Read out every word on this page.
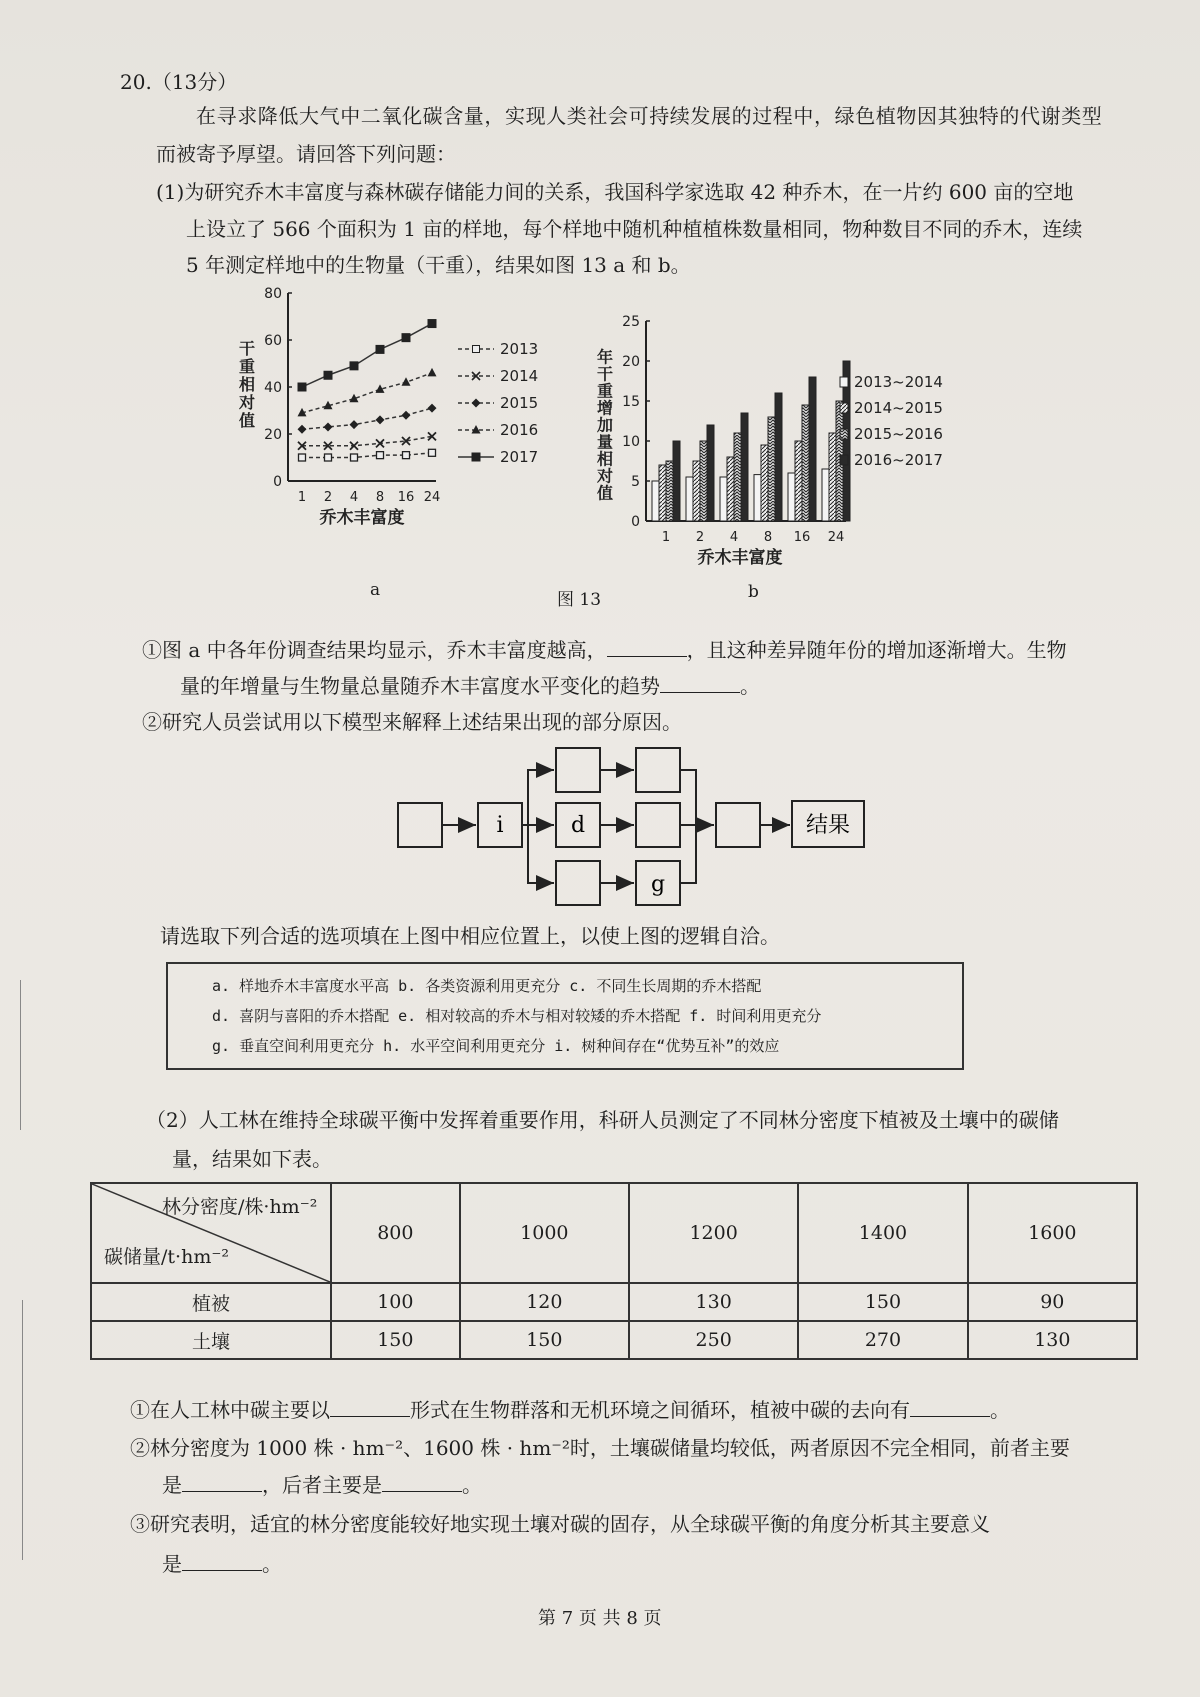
20.（13分）
在寻求降低大气中二氧化碳含量，实现人类社会可持续发展的过程中，绿色植物因其独特的代谢类型
而被寄予厚望。请回答下列问题：
(1)为研究乔木丰富度与森林碳存储能力间的关系，我国科学家选取 42 种乔木，在一片约 600 亩的空地
上设立了 566 个面积为 1 亩的样地，每个样地中随机种植植株数量相同，物种数目不同的乔木，连续
5 年测定样地中的生物量（干重），结果如图 13 a 和 b。
0
20
40
60
80
1 2 4 8 16 24
乔木丰富度
干重相对值	2013
2014
2015
2016
2017
0
5
10
15
20
25
1 2 4 8 16 24
乔木丰富度
年干重增加量相对值	2013~2014
2014~2015
2015~2016
2016~2017
a	图 13	b
①图 a 中各年份调查结果均显示，乔木丰富度越高，	，且这种差异随年份的增加逐渐增大。生物
量的年增量与生物量总量随乔木丰富度水平变化的趋势	。
②研究人员尝试用以下模型来解释上述结果出现的部分原因。
i	d
g
结果
请选取下列合适的选项填在上图中相应位置上，以使上图的逻辑自洽。
a. 样地乔木丰富度水平高 b. 各类资源利用更充分 c. 不同生长周期的乔木搭配
d. 喜阴与喜阳的乔木搭配 e. 相对较高的乔木与相对较矮的乔木搭配 f. 时间利用更充分
g. 垂直空间利用更充分 h. 水平空间利用更充分 i. 树种间存在“优势互补”的效应
（2）人工林在维持全球碳平衡中发挥着重要作用，科研人员测定了不同林分密度下植被及土壤中的碳储
量，结果如下表。
林分密度/株·hm⁻²
碳储量/t·hm⁻²	800	1000	1200	1400	1600
植被	100	120	130	150	90
土壤	150	150	250	270	130
①在人工林中碳主要以	形式在生物群落和无机环境之间循环，植被中碳的去向有	。
②林分密度为 1000 株 · hm⁻²、1600 株 · hm⁻²时，土壤碳储量均较低，两者原因不完全相同，前者主要
是	，后者主要是	。
③研究表明，适宜的林分密度能较好地实现土壤对碳的固存，从全球碳平衡的角度分析其主要意义
是	。
第 7 页 共 8 页
